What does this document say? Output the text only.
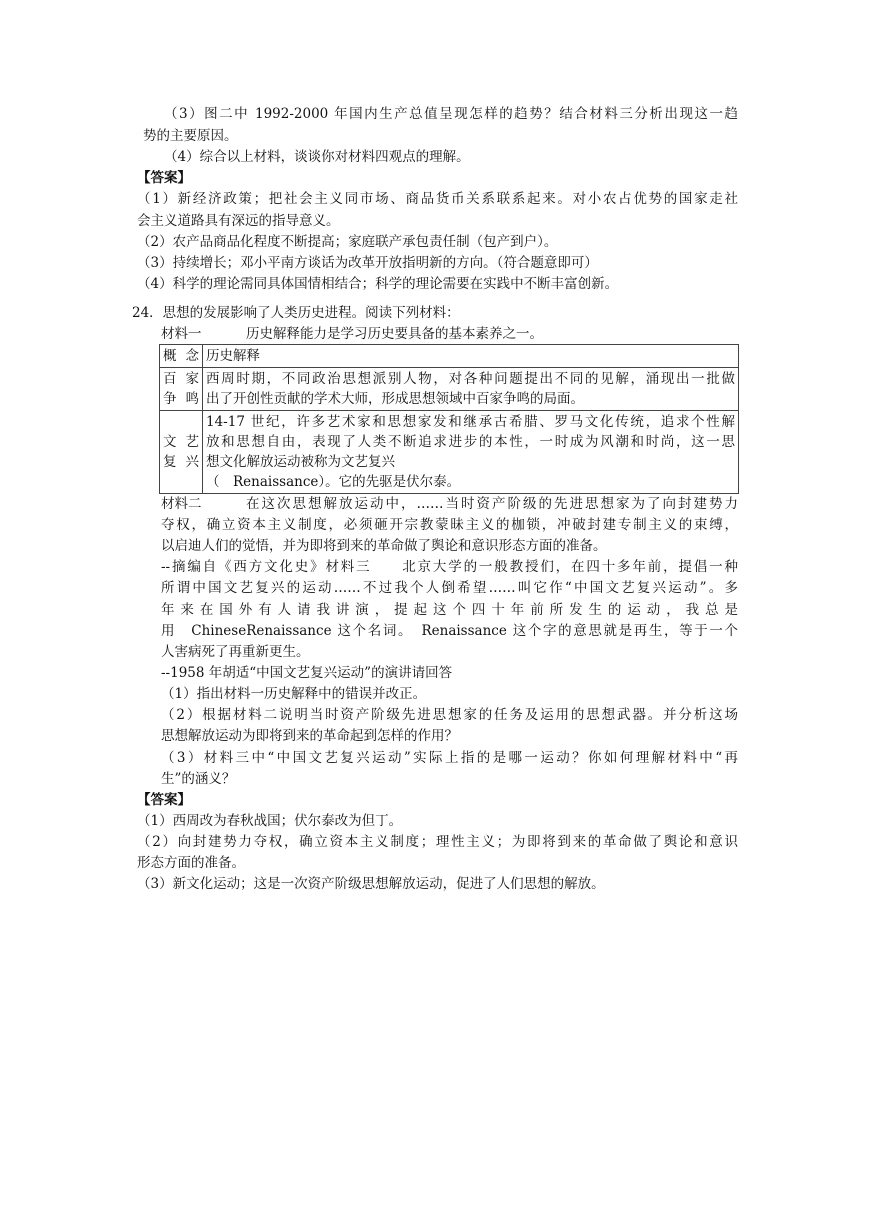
（3）图二中 1992-2000 年国内生产总值呈现怎样的趋势？结合材料三分析出现这一趋
势的主要原因。
（4）综合以上材料，谈谈你对材料四观点的理解。
【答案】
（1）新经济政策；把社会主义同市场、商品货币关系联系起来。对小农占优势的国家走社
会主义道路具有深远的指导意义。
（2）农产品商品化程度不断提高；家庭联产承包责任制（包产到户）。
（3）持续增长；邓小平南方谈话为改革开放指明新的方向。（符合题意即可）
（4）科学的理论需同具体国情相结合；科学的理论需要在实践中不断丰富创新。
24．思想的发展影响了人类历史进程。阅读下列材料：
材料一	历史解释能力是学习历史要具备的基本素养之一。
概念	历史解释

百 家
争鸣	西周时期，不同政治思想派别人物，对各种问题提出不同的见解，涌现出一批做
出了开创性贡献的学术大师，形成思想领域中百家争鸣的局面。

文 艺
复兴	14-17 世纪，许多艺术家和思想家发和继承古希腊、罗马文化传统，追求个性解
放和思想自由，表现了人类不断追求进步的本性，一时成为风潮和时尚，这一思
想文化解放运动被称为文艺复兴
（　Renaissance）。它的先驱是伏尔泰。
材料二	在这次思想解放运动中，……当时资产阶级的先进思想家为了向封建势力
夺权，确立资本主义制度，必须砸开宗教蒙昧主义的枷锁，冲破封建专制主义的束缚，
以启迪人们的觉悟，并为即将到来的革命做了舆论和意识形态方面的准备。
--摘编自《西方文化史》材料三　　北京大学的一般教授们，在四十多年前，提倡一种
所谓中国文艺复兴的运动……不过我个人倒希望……叫它作“中国文艺复兴运动”。多
年来在国外有人请我讲演，提起这个四十年前所发生的运动，我总是
用　ChineseRenaissance 这个名词。　Renaissance 这个字的意思就是再生，等于一个
人害病死了再重新更生。
--1958 年胡适“中国文艺复兴运动”的演讲请回答
（1）指出材料一历史解释中的错误并改正。
（2）根据材料二说明当时资产阶级先进思想家的任务及运用的思想武器。并分析这场
思想解放运动为即将到来的革命起到怎样的作用？
（3）材料三中“中国文艺复兴运动”实际上指的是哪一运动？你如何理解材料中“再
生”的涵义？
【答案】
（1）西周改为春秋战国；伏尔泰改为但丁。
（2）向封建势力夺权，确立资本主义制度；理性主义；为即将到来的革命做了舆论和意识
形态方面的准备。
（3）新文化运动；这是一次资产阶级思想解放运动，促进了人们思想的解放。
